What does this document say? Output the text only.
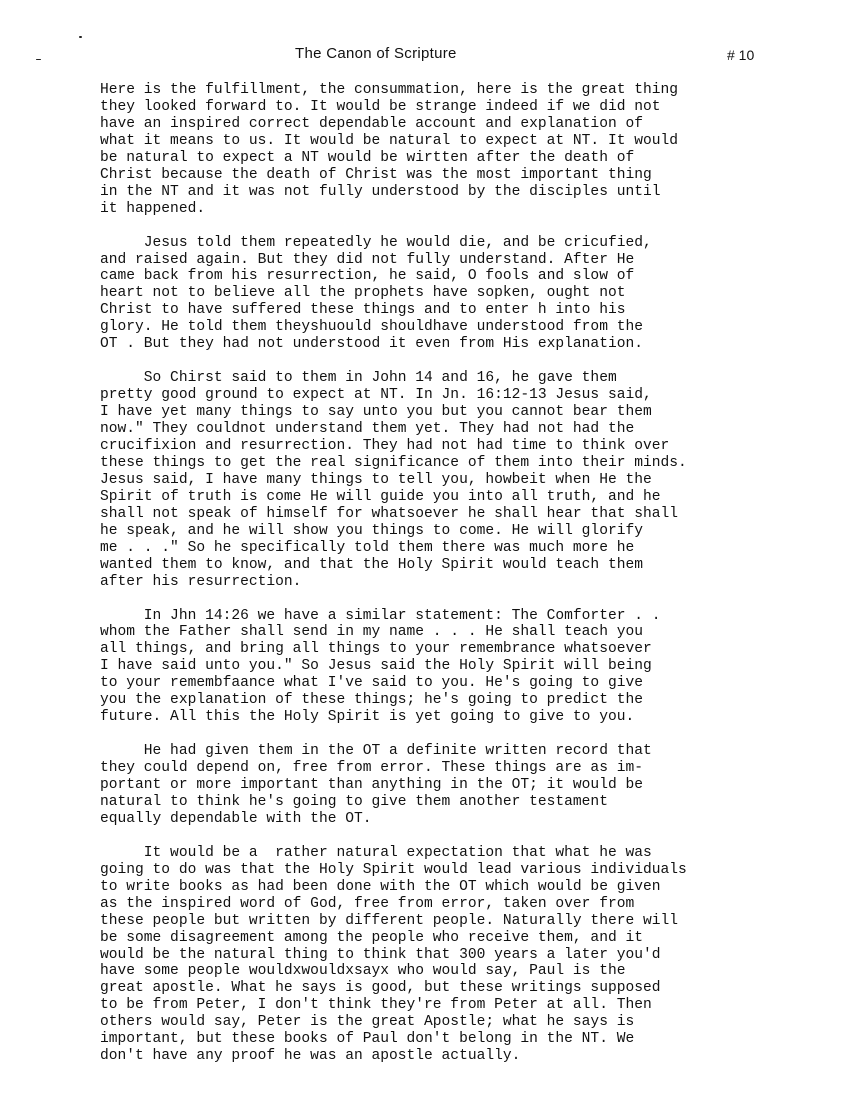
The Canon of Scripture	# 10
Here is the fulfillment, the consummation, here is the great thing
they looked forward to. It would be strange indeed if we did not
have an inspired correct dependable account and explanation of
what it means to us. It would be natural to expect at NT. It would
be natural to expect a NT would be wirtten after the death of
Christ because the death of Christ was the most important thing
in the NT and it was not fully understood by the disciples until
it happened.
Jesus told them repeatedly he would die, and be cricufied,
and raised again. But they did not fully understand. After He
came back from his resurrection, he said, O fools and slow of
heart not to believe all the prophets have sopken, ought not
Christ to have suffered these things and to enter h into his
glory. He told them theyshuould shouldhave understood from the
OT . But they had not understood it even from His explanation.
So Chirst said to them in John 14 and 16, he gave them
pretty good ground to expect at NT. In Jn. 16:12-13 Jesus said,
I have yet many things to say unto you but you cannot bear them
now." They couldnot understand them yet. They had not had the
crucifixion and resurrection. They had not had time to think over
these things to get the real significance of them into their minds.
Jesus said, I have many things to tell you, howbeit when He the
Spirit of truth is come He will guide you into all truth, and he
shall not speak of himself for whatsoever he shall hear that shall
he speak, and he will show you things to come. He will glorify
me . . ." So he specifically told them there was much more he
wanted them to know, and that the Holy Spirit would teach them
after his resurrection.
In Jhn 14:26 we have a similar statement: The Comforter . .
whom the Father shall send in my name . . . He shall teach you
all things, and bring all things to your remembrance whatsoever
I have said unto you." So Jesus said the Holy Spirit will being
to your remembfaance what I've said to you. He's going to give
you the explanation of these things; he's going to predict the
future. All this the Holy Spirit is yet going to give to you.
He had given them in the OT a definite written record that
they could depend on, free from error. These things are as im-
portant or more important than anything in the OT; it would be
natural to think he's going to give them another testament
equally dependable with the OT.
It would be a  rather natural expectation that what he was
going to do was that the Holy Spirit would lead various individuals
to write books as had been done with the OT which would be given
as the inspired word of God, free from error, taken over from
these people but written by different people. Naturally there will
be some disagreement among the people who receive them, and it
would be the natural thing to think that 300 years a later you'd
have some people wouldxwouldxsayx who would say, Paul is the
great apostle. What he says is good, but these writings supposed
to be from Peter, I don't think they're from Peter at all. Then
others would say, Peter is the great Apostle; what he says is
important, but these books of Paul don't belong in the NT. We
don't have any proof he was an apostle actually.
